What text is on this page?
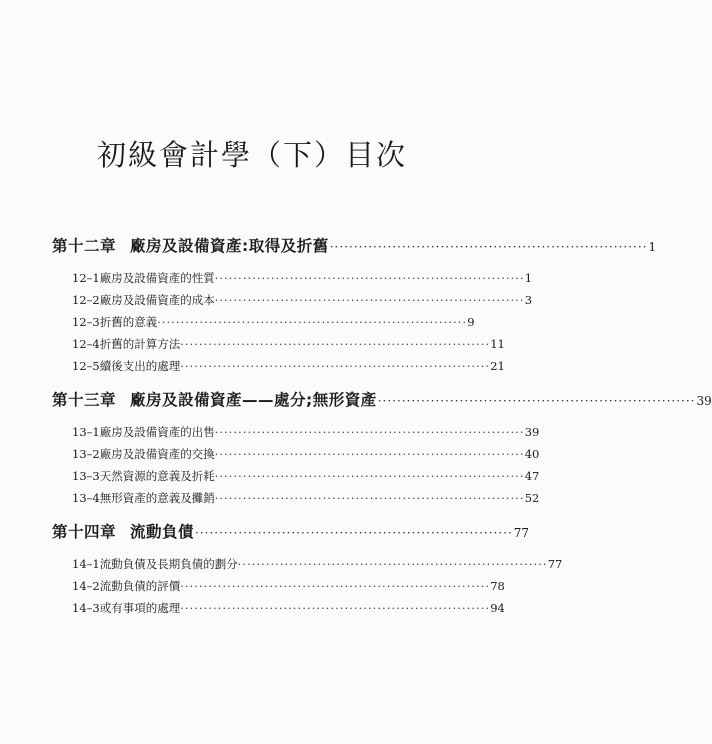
初級會計學（下）目次
第十二章 廠房及設備資產:取得及折舊 ·································································· 1
12–1 廠房及設備資產的性質 ·································································· 1
12–2 廠房及設備資產的成本 ·································································· 3
12–3 折舊的意義 ·································································· 9
12–4 折舊的計算方法 ·································································· 11
12–5 續後支出的處理 ·································································· 21
第十三章 廠房及設備資產——處分;無形資產 ·································································· 39
13–1 廠房及設備資產的出售 ·································································· 39
13–2 廠房及設備資產的交換 ·································································· 40
13–3 天然資源的意義及折耗 ·································································· 47
13–4 無形資產的意義及攤銷 ·································································· 52
第十四章 流動負債 ·································································· 77
14–1 流動負債及長期負債的劃分 ·································································· 77
14–2 流動負債的評價 ·································································· 78
14–3 或有事項的處理 ·································································· 94
